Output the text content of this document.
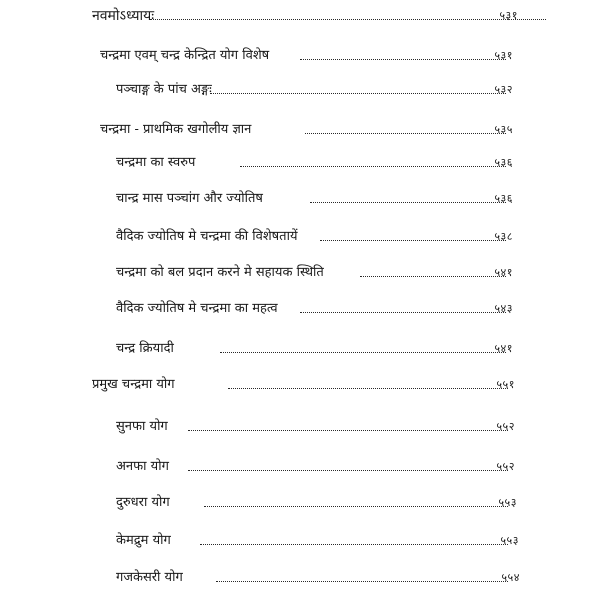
नवमोऽध्यायः	५३१
चन्द्रमा एवम् चन्द्र केन्द्रित योग विशेष	५३१
पञ्चाङ्ग के पांच अङ्गः	५३२
चन्द्रमा - प्राथमिक खगोलीय ज्ञान	५३५
चन्द्रमा का स्वरुप	५३६
चान्द्र मास पञ्चांग और ज्योतिष	५३६
वैदिक ज्योतिष मे चन्द्रमा की विशेषतायें	५३८
चन्द्रमा को बल प्रदान करने मे सहायक स्थिति	५४१
वैदिक ज्योतिष मे चन्द्रमा का महत्व	५४३
चन्द्र क्रियादी	५४१
प्रमुख चन्द्रमा योग	५५१
सुनफा योग	५५२
अनफा योग	५५२
दुरुधरा योग	५५३
केमद्रुम योग	५५३
गजकेसरी योग	५५४
